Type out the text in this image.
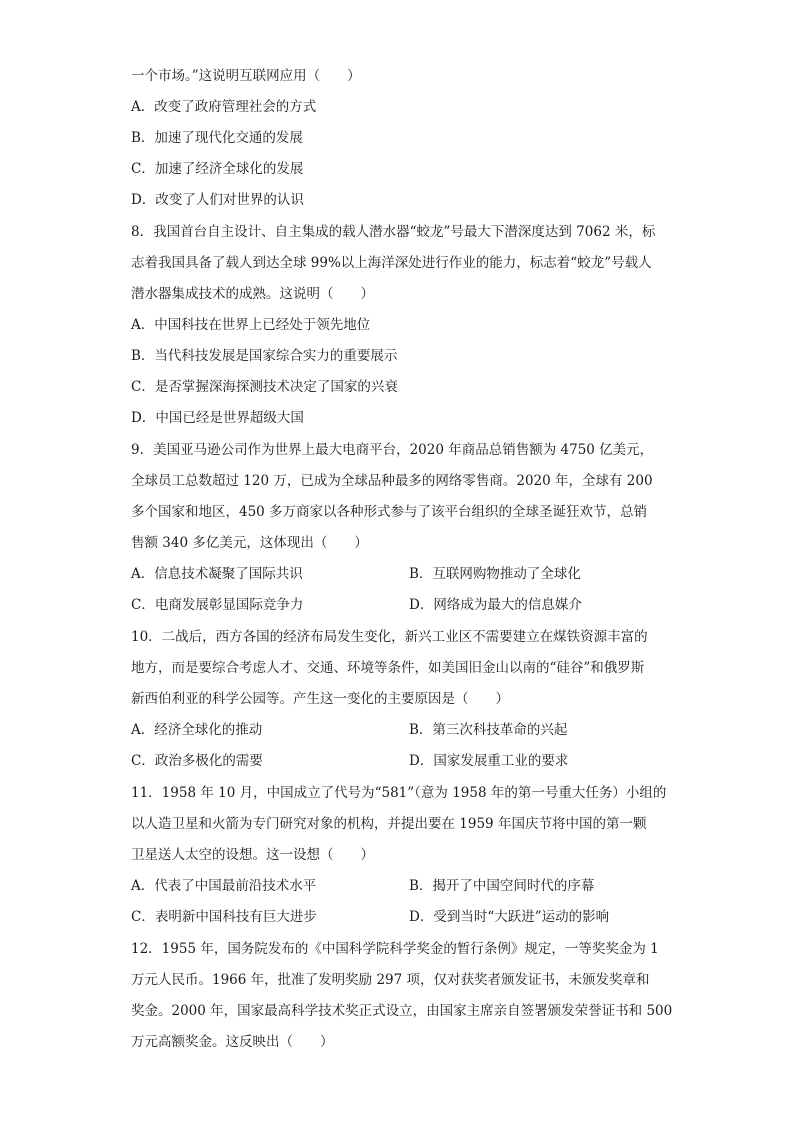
一个市场。”这说明互联网应用（　　）
A．改变了政府管理社会的方式
B．加速了现代化交通的发展
C．加速了经济全球化的发展
D．改变了人们对世界的认识
8．我国首台自主设计、自主集成的载人潜水器“蛟龙”号最大下潜深度达到 7062 米，标
志着我国具备了载人到达全球 99%以上海洋深处进行作业的能力，标志着“蛟龙”号载人
潜水器集成技术的成熟。这说明（　　）
A．中国科技在世界上已经处于领先地位
B．当代科技发展是国家综合实力的重要展示
C．是否掌握深海探测技术决定了国家的兴衰
D．中国已经是世界超级大国
9．美国亚马逊公司作为世界上最大电商平台，2020 年商品总销售额为 4750 亿美元，
全球员工总数超过 120 万，已成为全球品种最多的网络零售商。2020 年，全球有 200
多个国家和地区，450 多万商家以各种形式参与了该平台组织的全球圣诞狂欢节，总销
售额 340 多亿美元，这体现出（　　）
A．信息技术凝聚了国际共识	B．互联网购物推动了全球化
C．电商发展彰显国际竞争力	D．网络成为最大的信息媒介
10．二战后，西方各国的经济布局发生变化，新兴工业区不需要建立在煤铁资源丰富的
地方，而是要综合考虑人才、交通、环境等条件，如美国旧金山以南的“硅谷”和俄罗斯
新西伯利亚的科学公园等。产生这一变化的主要原因是（　　）
A．经济全球化的推动	B．第三次科技革命的兴起
C．政治多极化的需要	D．国家发展重工业的要求
11．1958 年 10 月，中国成立了代号为“581”（意为 1958 年的第一号重大任务）小组的
以人造卫星和火箭为专门研究对象的机构，并提出要在 1959 年国庆节将中国的第一颗
卫星送人太空的设想。这一设想（　　）
A．代表了中国最前沿技术水平	B．揭开了中国空间时代的序幕
C．表明新中国科技有巨大进步	D．受到当时“大跃进”运动的影响
12．1955 年，国务院发布的《中国科学院科学奖金的暂行条例》规定，一等奖奖金为 1
万元人民币。1966 年，批准了发明奖励 297 项，仅对获奖者颁发证书，未颁发奖章和
奖金。2000 年，国家最高科学技术奖正式设立，由国家主席亲自签署颁发荣誉证书和 500
万元高额奖金。这反映出（　　）
